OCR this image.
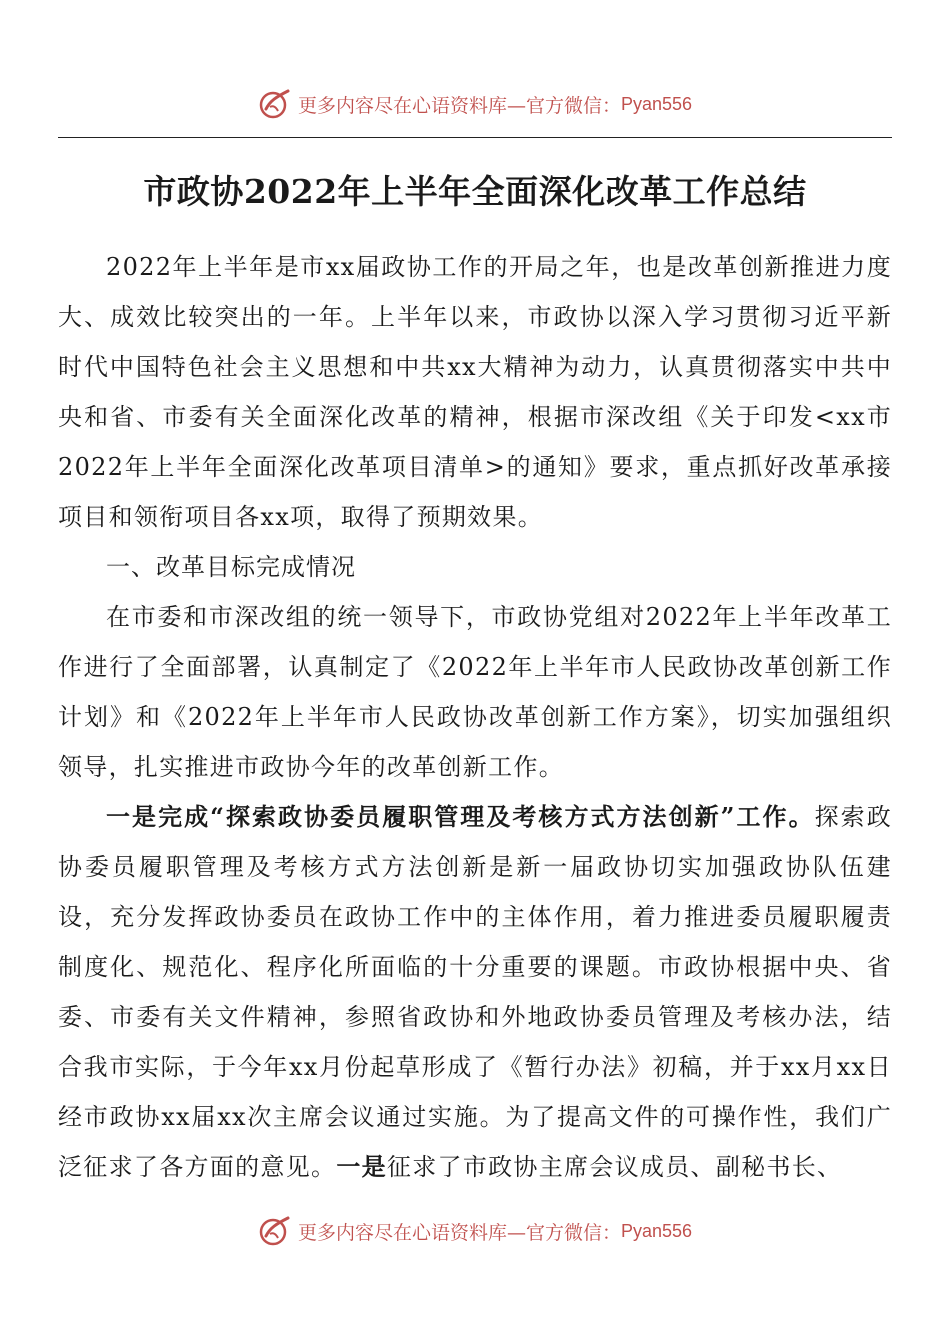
更多内容尽在心语资料库—官方微信： Pyan556
市政协2022年上半年全面深化改革工作总结

2022年上半年是市xx届政协工作的开局之年，也是改革创新推进力度大、成效比较突出的一年。上半年以来，市政协以深入学习贯彻习近平新时代中国特色社会主义思想和中共xx大精神为动力，认真贯彻落实中共中央和省、市委有关全面深化改革的精神，根据市深改组《关于印发<xx市2022年上半年全面深化改革项目清单>的通知》要求，重点抓好改革承接项目和领衔项目各xx项，取得了预期效果。

一、改革目标完成情况

在市委和市深改组的统一领导下，市政协党组对2022年上半年改革工作进行了全面部署，认真制定了《2022年上半年市人民政协改革创新工作计划》和《2022年上半年市人民政协改革创新工作方案》，切实加强组织领导，扎实推进市政协今年的改革创新工作。

一是完成“探索政协委员履职管理及考核方式方法创新”工作。探索政协委员履职管理及考核方式方法创新是新一届政协切实加强政协队伍建设，充分发挥政协委员在政协工作中的主体作用，着力推进委员履职履责制度化、规范化、程序化所面临的十分重要的课题。市政协根据中央、省委、市委有关文件精神，参照省政协和外地政协委员管理及考核办法，结合我市实际，于今年xx月份起草形成了《暂行办法》初稿，并于xx月xx日经市政协xx届xx次主席会议通过实施。为了提高文件的可操作性，我们广泛征求了各方面的意见。一是征求了市政协主席会议成员、副秘书长、

更多内容尽在心语资料库—官方微信： Pyan556
